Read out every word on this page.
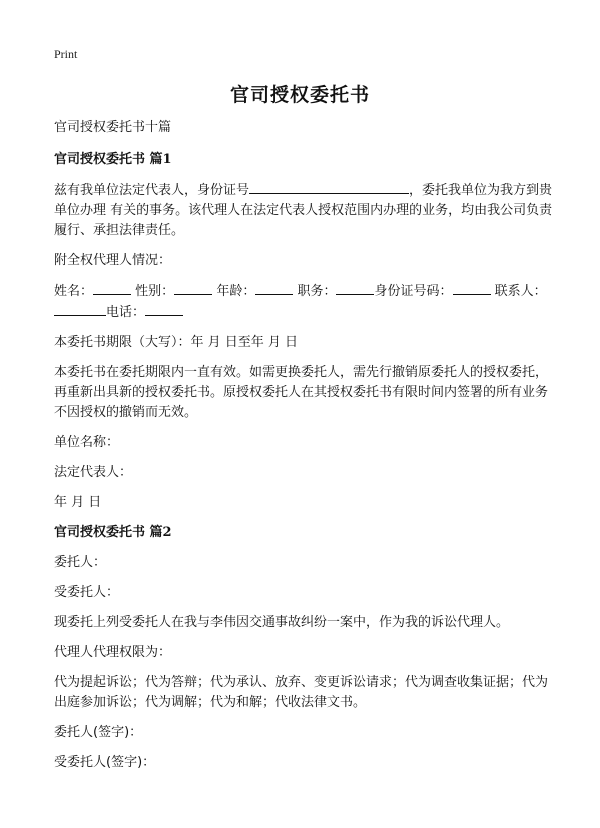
Print
官司授权委托书

官司授权委托书十篇

官司授权委托书 篇1

兹有我单位法定代表人，身份证号	，委托我单位为我方到贵单位办理 有关的事务。该代理人在法定代表人授权范围内办理的业务，均由我公司负责履行、承担法律责任。

附全权代理人情况：

姓名：	性别：	年龄：	职务：	身份证号码：	联系人：电话：

本委托书期限（大写）：年 月 日至年 月 日

本委托书在委托期限内一直有效。如需更换委托人，需先行撤销原委托人的授权委托，再重新出具新的授权委托书。原授权委托人在其授权委托书有限时间内签署的所有业务不因授权的撤销而无效。

单位名称：

法定代表人：

年 月 日

官司授权委托书 篇2

委托人：

受委托人：

现委托上列受委托人在我与李伟因交通事故纠纷一案中，作为我的诉讼代理人。

代理人代理权限为：

代为提起诉讼；代为答辩；代为承认、放弃、变更诉讼请求；代为调查收集证据；代为出庭参加诉讼；代为调解；代为和解；代收法律文书。

委托人(签字)：

受委托人(签字)：
